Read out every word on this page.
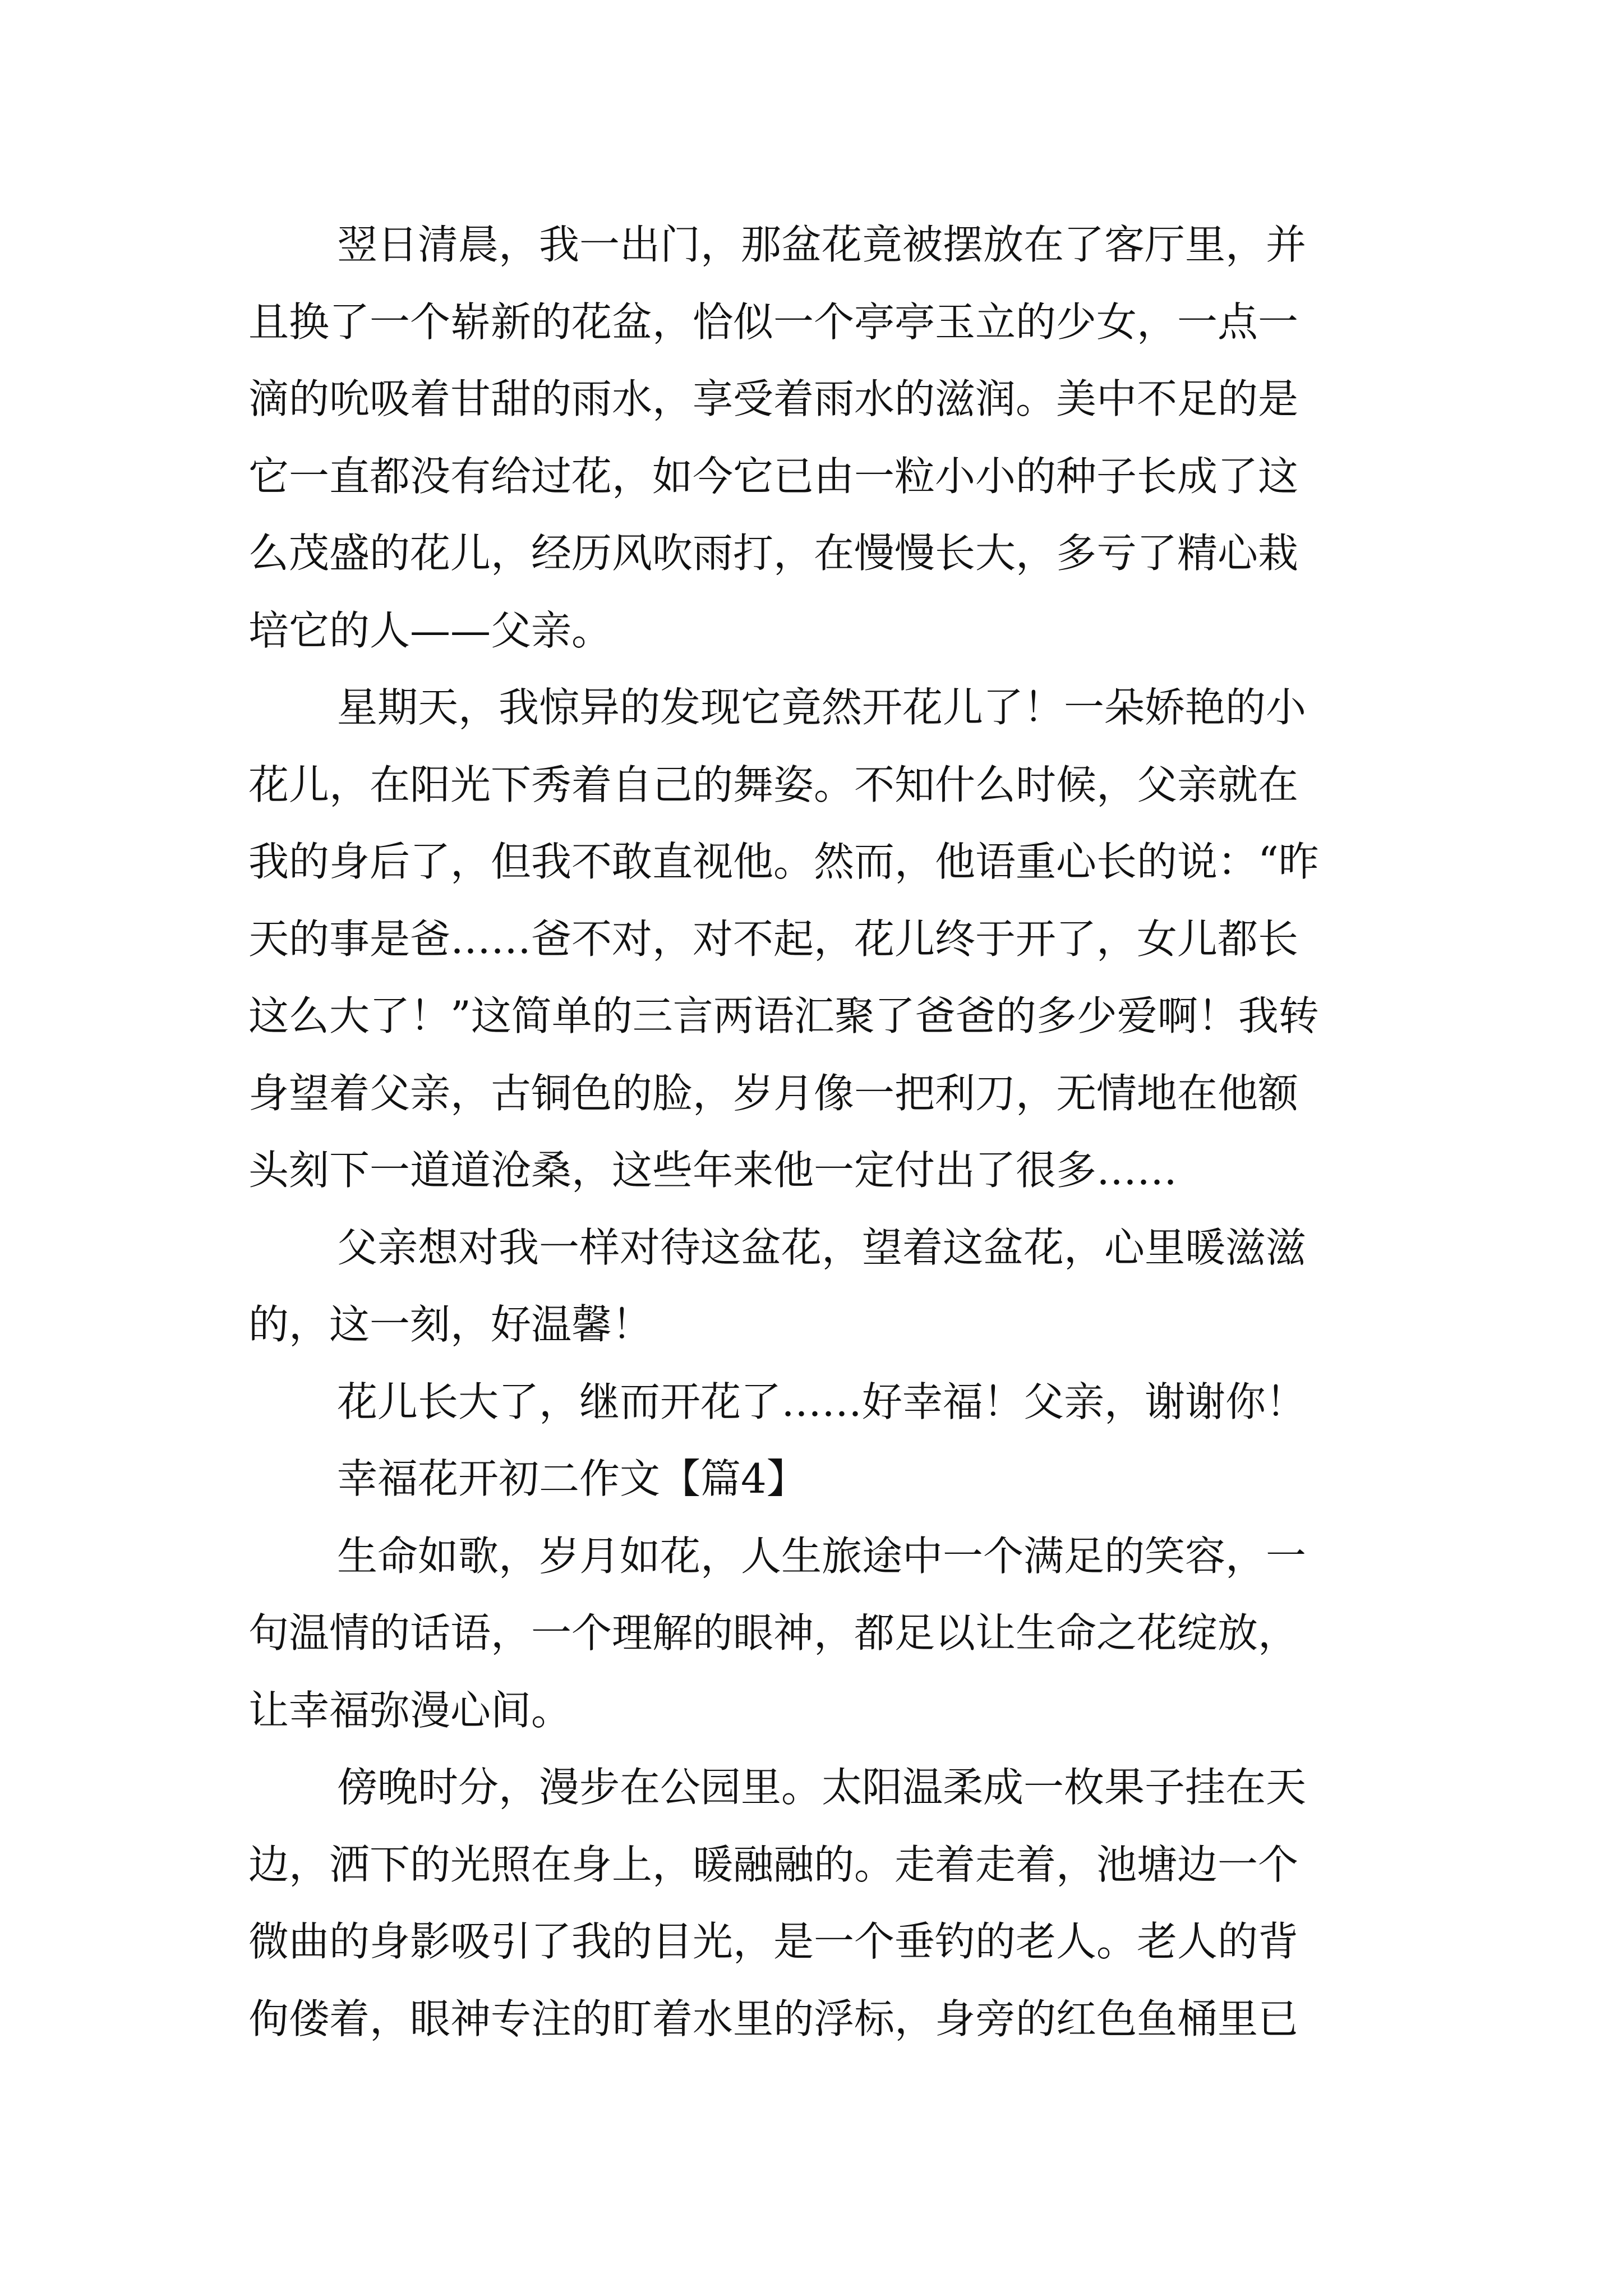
翌日清晨，我一出门，那盆花竟被摆放在了客厅里，并
且换了一个崭新的花盆，恰似一个亭亭玉立的少女，一点一
滴的吮吸着甘甜的雨水，享受着雨水的滋润。美中不足的是
它一直都没有给过花，如今它已由一粒小小的种子长成了这
么茂盛的花儿，经历风吹雨打，在慢慢长大，多亏了精心栽
培它的人——父亲。
星期天，我惊异的发现它竟然开花儿了！一朵娇艳的小
花儿，在阳光下秀着自己的舞姿。不知什么时候，父亲就在
我的身后了，但我不敢直视他。然而，他语重心长的说：“昨
天的事是爸……爸不对，对不起，花儿终于开了，女儿都长
这么大了！”这简单的三言两语汇聚了爸爸的多少爱啊！我转
身望着父亲，古铜色的脸，岁月像一把利刀，无情地在他额
头刻下一道道沧桑，这些年来他一定付出了很多……
父亲想对我一样对待这盆花，望着这盆花，心里暖滋滋
的，这一刻，好温馨！
花儿长大了，继而开花了……好幸福！父亲，谢谢你！
幸福花开初二作文【篇4】
生命如歌，岁月如花，人生旅途中一个满足的笑容，一
句温情的话语，一个理解的眼神，都足以让生命之花绽放，
让幸福弥漫心间。
傍晚时分，漫步在公园里。太阳温柔成一枚果子挂在天
边，洒下的光照在身上，暖融融的。走着走着，池塘边一个
微曲的身影吸引了我的目光，是一个垂钓的老人。老人的背
佝偻着，眼神专注的盯着水里的浮标，身旁的红色鱼桶里已
